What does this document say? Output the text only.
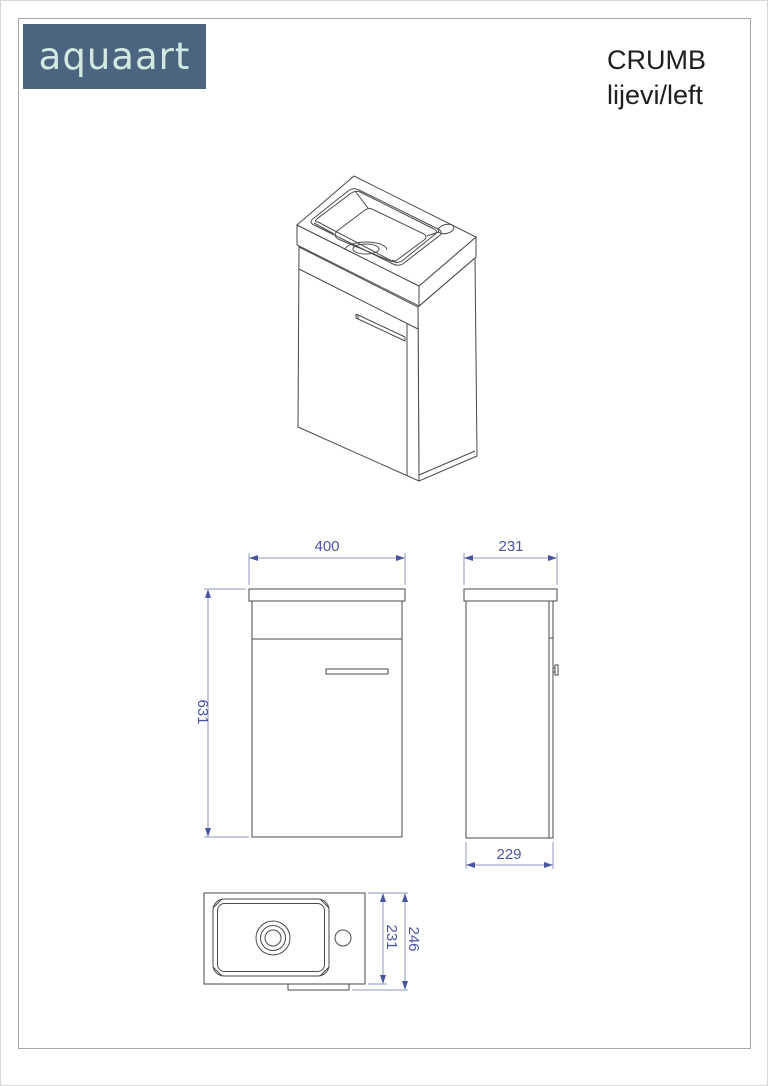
aquaart	CRUMB
lijevi/left
400
631
231
229
231 246
